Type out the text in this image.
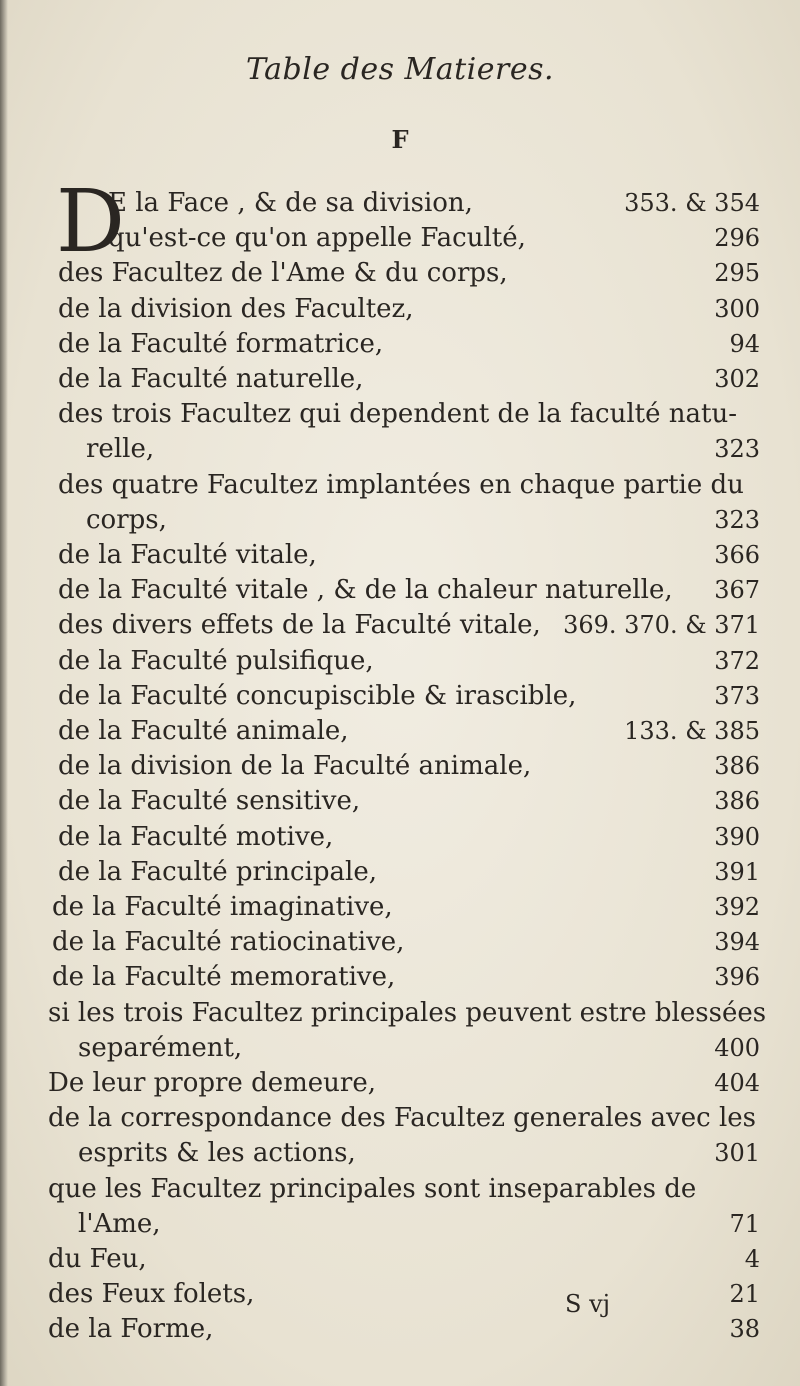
Table des Matieres.
F
D
E la Face , & de sa division,	353. & 354
qu'est-ce qu'on appelle Faculté,	296
des Facultez de l'Ame & du corps,	295
de la division des Facultez,	300
de la Faculté formatrice,	94
de la Faculté naturelle,	302
des trois Facultez qui dependent de la faculté natu-
relle,	323
des quatre Facultez implantées en chaque partie du
corps,	323
de la Faculté vitale,	366
de la Faculté vitale , & de la chaleur naturelle, 367
des divers effets de la Faculté vitale, 369. 370. & 371
de la Faculté pulsifique,	372
de la Faculté concupiscible & irascible,	373
de la Faculté animale,	133. & 385
de la division de la Faculté animale,	386
de la Faculté sensitive,	386
de la Faculté motive,	390
de la Faculté principale,	391
de la Faculté imaginative,	392
de la Faculté ratiocinative,	394
de la Faculté memorative,	396
si les trois Facultez principales peuvent estre blessées
separément,	400
De leur propre demeure,	404
de la correspondance des Facultez generales avec les
esprits & les actions,	301
que les Facultez principales sont inseparables de
l'Ame,	71
du Feu,	4
des Feux folets,	21
de la Forme,	38
S vj
